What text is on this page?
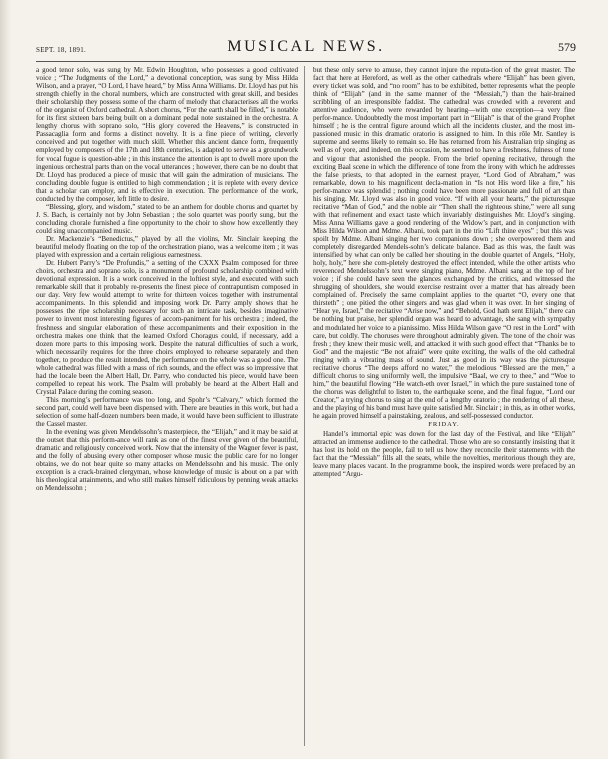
SEPT. 18, 1891.	MUSICAL NEWS.	579

a good tenor solo, was sung by Mr. Edwin Houghton, who possesses a good cultivated voice ; “The Judgments of the Lord,” a devotional conception, was sung by Miss Hilda Wilson, and a prayer, “O Lord, I have heard,” by Miss Anna Williams. Dr. Lloyd has put his strength chiefly in the choral numbers, which are constructed with great skill, and besides their scholarship they possess some of the charm of melody that characterises all the works of the organist of Oxford cathedral. A short chorus, “For the earth shall be filled,” is notable for its first sixteen bars being built on a dominant pedal note sustained in the orchestra. A lengthy chorus with soprano solo, “His glory covered the Heavens,” is constructed in Passacaglia form and forms a distinct novelty. It is a fine piece of writing, cleverly conceived and put together with much skill. Whether this ancient dance form, frequently employed by composers of the 17th and 18th centuries, is adapted to serve as a groundwork for vocal fugue is question-able ; in this instance the attention is apt to dwell more upon the ingenious orchestral parts than on the vocal utterances ; however, there can be no doubt that Dr. Lloyd has produced a piece of music that will gain the admiration of musicians. The concluding double fugue is entitled to high commendation ; it is replete with every device that a scholar can employ, and is effective in execution. The performance of the work, conducted by the composer, left little to desire.

“Blessing, glory, and wisdom,” stated to be an anthem for double chorus and quartet by J. S. Bach, is certainly not by John Sebastian ; the solo quartet was poorly sung, but the concluding chorale furnished a fine opportunity to the choir to show how excellently they could sing unaccompanied music.

Dr. Mackenzie’s “Benedictus,” played by all the violins, Mr. Sinclair keeping the beautiful melody floating on the top of the orchestration piano, was a welcome item ; it was played with expression and a certain religious earnestness.

Dr. Hubert Parry’s “De Profundis,” a setting of the CXXX Psalm composed for three choirs, orchestra and soprano solo, is a monument of profound scholarship combined with devotional expression. It is a work conceived in the loftiest style, and executed with such remarkable skill that it probably re-presents the finest piece of contrapuntism composed in our day. Very few would attempt to write for thirteen voices together with instrumental accompaniments. In this splendid and imposing work Dr. Parry amply shows that he possesses the ripe scholarship necessary for such an intricate task, besides imaginative power to invent most interesting figures of accom-paniment for his orchestra ; indeed, the freshness and singular elaboration of these accompaniments and their exposition in the orchestra makes one think that the learned Oxford Choragus could, if necessary, add a dozen more parts to this imposing work. Despite the natural difficulties of such a work, which necessarily requires for the three choirs employed to rehearse separately and then together, to produce the result intended, the performance on the whole was a good one. The whole cathedral was filled with a mass of rich sounds, and the effect was so impressive that had the locale been the Albert Hall, Dr. Parry, who conducted his piece, would have been compelled to repeat his work. The Psalm will probably be heard at the Albert Hall and Crystal Palace during the coming season.

This morning’s performance was too long, and Spohr’s “Calvary,” which formed the second part, could well have been dispensed with. There are beauties in this work, but had a selection of some half-dozen numbers been made, it would have been sufficient to illustrate the Cassel master.

In the evening was given Mendelssohn’s masterpiece, the “Elijah,” and it may be said at the outset that this perform-ance will rank as one of the finest ever given of the beautiful, dramatic and religiously conceived work. Now that the intensity of the Wagner fever is past, and the folly of abusing every other composer whose music the public care for no longer obtains, we do not hear quite so many attacks on Mendelssohn and his music. The only exception is a crack-brained clergyman, whose knowledge of music is about on a par with his theological attainments, and who still makes himself ridiculous by penning weak attacks on Mendelssohn ;

but these only serve to amuse, they cannot injure the reputa-tion of the great master. The fact that here at Hereford, as well as the other cathedrals where “Elijah” has been given, every ticket was sold, and “no room” has to be exhibited, better represents what the people think of “Elijah” (and in the same manner of the “Messiah,”) than the hair-brained scribbling of an irresponsible faddist. The cathedral was crowded with a reverent and attentive audience, who were rewarded by hearing—with one exception—a very fine perfor-mance. Undoubtedly the most important part in “Elijah” is that of the grand Prophet himself ; he is the central figure around which all the incidents cluster, and the most im-passioned music in this dramatic oratorio is assigned to him. In this rôle Mr. Santley is supreme and seems likely to remain so. He has returned from his Australian trip singing as well as of yore, and indeed, on this occasion, he seemed to have a freshness, fulness of tone and vigour that astonished the people. From the brief opening recitative, through the exciting Baal scene in which the difference of tone from the irony with which he addresses the false priests, to that adopted in the earnest prayer, “Lord God of Abraham,” was remarkable, down to his magnificent decla-mation in “Is not His word like a fire,” his perfor-mance was splendid ; nothing could have been more passionate and full of art than his singing. Mr. Lloyd was also in good voice. “If with all your hearts,” the picturesque recitative “Man of God,” and the noble air “Then shall the righteous shine,” were all sung with that refinement and exact taste which invariably distinguishes Mr. Lloyd’s singing. Miss Anna Williams gave a good rendering of the Widow’s part, and in conjunction with Miss Hilda Wilson and Mdme. Albani, took part in the trio “Lift thine eyes” ; but this was spoilt by Mdme. Albani singing her two companions down ; she overpowered them and completely disregarded Mendels-sohn’s delicate balance. Bad as this was, the fault was intensified by what can only be called her shouting in the double quartet of Angels, “Holy, holy, holy,” here she com-pletely destroyed the effect intended, while the other artists who reverenced Mendelssohn’s text were singing piano, Mdme. Albani sang at the top of her voice ; if she could have seen the glances exchanged by the critics, and witnessed the shrugging of shoulders, she would exercise restraint over a matter that has already been complained of. Precisely the same complaint applies to the quartet “O, every one that thirsteth” ; one pitied the other singers and was glad when it was over. In her singing of “Hear ye, Israel,” the recitative “Arise now,” and “Behold, God hath sent Elijah,” there can be nothing but praise, her splendid organ was heard to advantage, she sang with sympathy and modulated her voice to a pianissimo. Miss Hilda Wilson gave “O rest in the Lord” with care, but coldly. The choruses were throughout admirably given. The tone of the choir was fresh ; they knew their music well, and attacked it with such good effect that “Thanks be to God” and the majestic “Be not afraid” were quite exciting, the walls of the old cathedral ringing with a vibrating mass of sound. Just as good in its way was the picturesque recitative chorus “The deeps afford no water,” the melodious “Blessed are the men,” a difficult chorus to sing uniformly well, the impulsive “Baal, we cry to thee,” and “Woe to him,” the beautiful flowing “He watch-eth over Israel,” in which the pure sustained tone of the chorus was delightful to listen to, the earthquake scene, and the final fugue, “Lord our Creator,” a trying chorus to sing at the end of a lengthy oratorio ; the rendering of all these, and the playing of his band must have quite satisfied Mr. Sinclair ; in this, as in other works, he again proved himself a painstaking, zealous, and self-possessed conductor.

FRIDAY.

Handel’s immortal epic was down for the last day of the Festival, and like “Elijah” attracted an immense audience to the cathedral. Those who are so constantly insisting that it has lost its hold on the people, fail to tell us how they reconcile their statements with the fact that the “Messiah” fills all the seats, while the novelties, meritorious though they are, leave many places vacant. In the programme book, the inspired words were prefaced by an attempted “Argu-
